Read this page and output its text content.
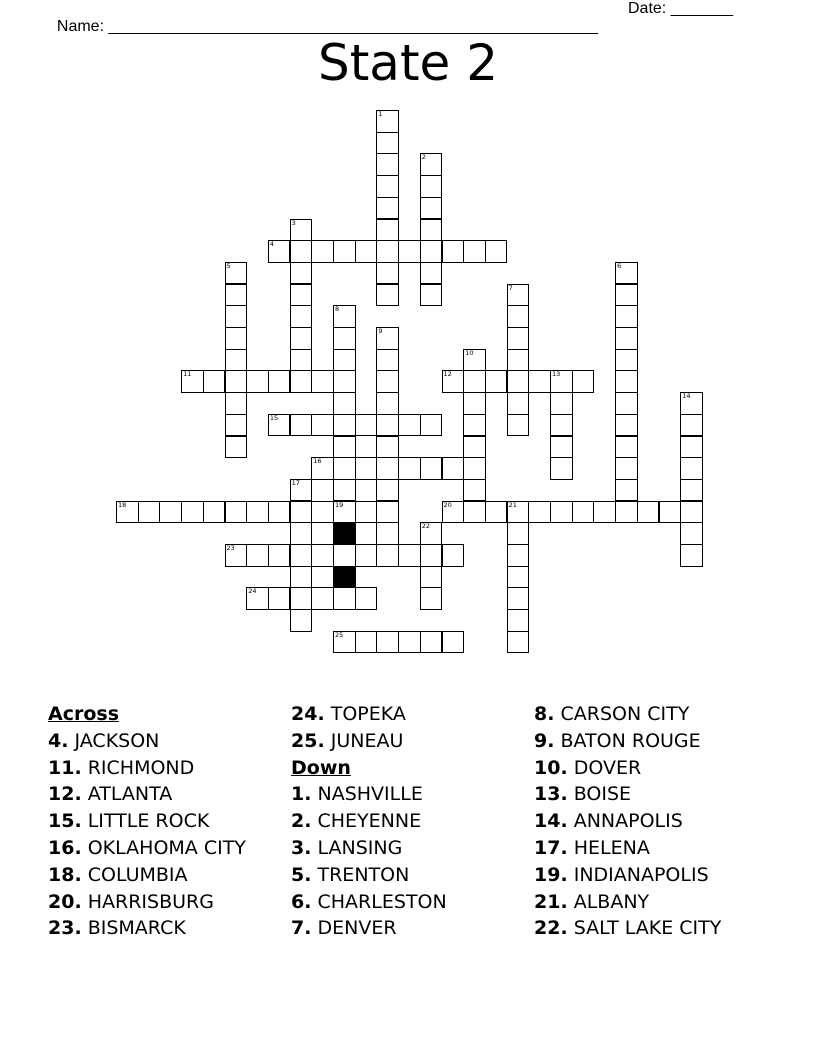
Name: _______________________________________________________

Date: _______

State 2
1
2
3
4
5	6
7
8
19
9
10
11	12	13
14
15
16
17
18	20	21
22
23
24
25
Across
4. JACKSON
11. RICHMOND
12. ATLANTA
15. LITTLE ROCK
16. OKLAHOMA CITY
18. COLUMBIA
20. HARRISBURG
23. BISMARCK
24. TOPEKA
25. JUNEAU
Down
1. NASHVILLE
2. CHEYENNE
3. LANSING
5. TRENTON
6. CHARLESTON
7. DENVER
8. CARSON CITY
9. BATON ROUGE
10. DOVER
13. BOISE
14. ANNAPOLIS
17. HELENA
19. INDIANAPOLIS
21. ALBANY
22. SALT LAKE CITY
